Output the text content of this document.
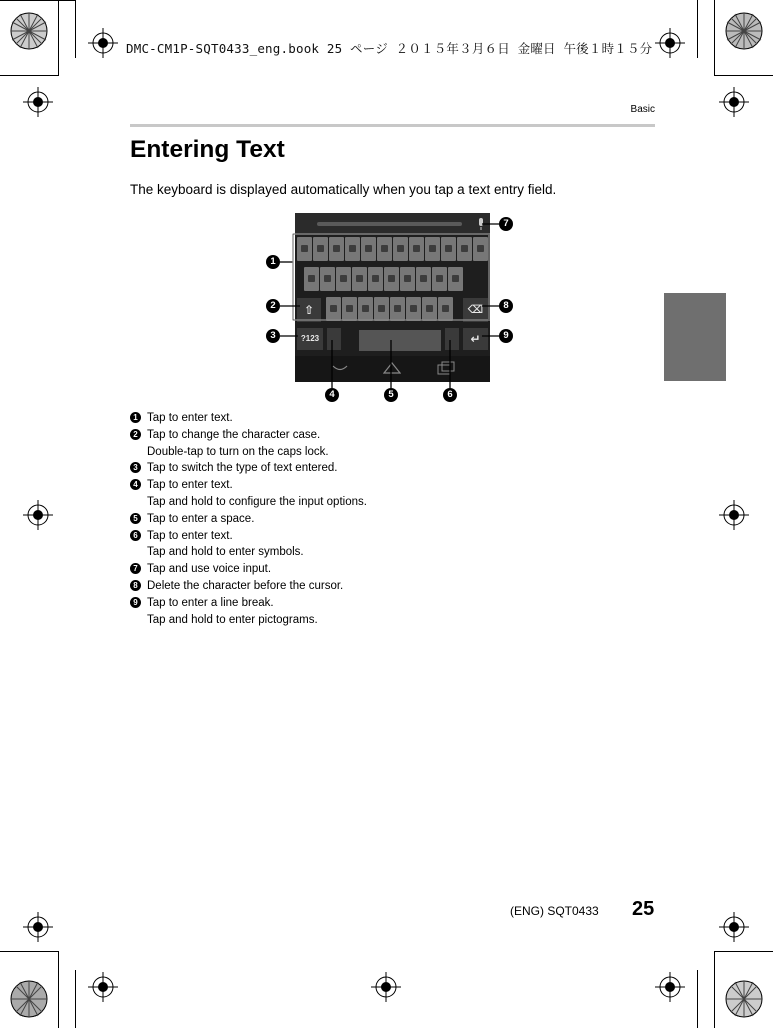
DMC-CM1P-SQT0433_eng.book 25 ページ ２０１５年３月６日 金曜日 午後１時１５分
Basic
Entering Text
The keyboard is displayed automatically when you tap a text entry field.
⇧
?123
⌫
↵
1
2
3
4	5	6
7
8
9
1 Tap to enter text.
2 Tap to change the character case.
Double-tap to turn on the caps lock.
3 Tap to switch the type of text entered.
4 Tap to enter text.
Tap and hold to configure the input options.
5 Tap to enter a space.
6 Tap to enter text.
Tap and hold to enter symbols.
7 Tap and use voice input.
8 Delete the character before the cursor.
9 Tap to enter a line break.
Tap and hold to enter pictograms.
(ENG) SQT0433 25
